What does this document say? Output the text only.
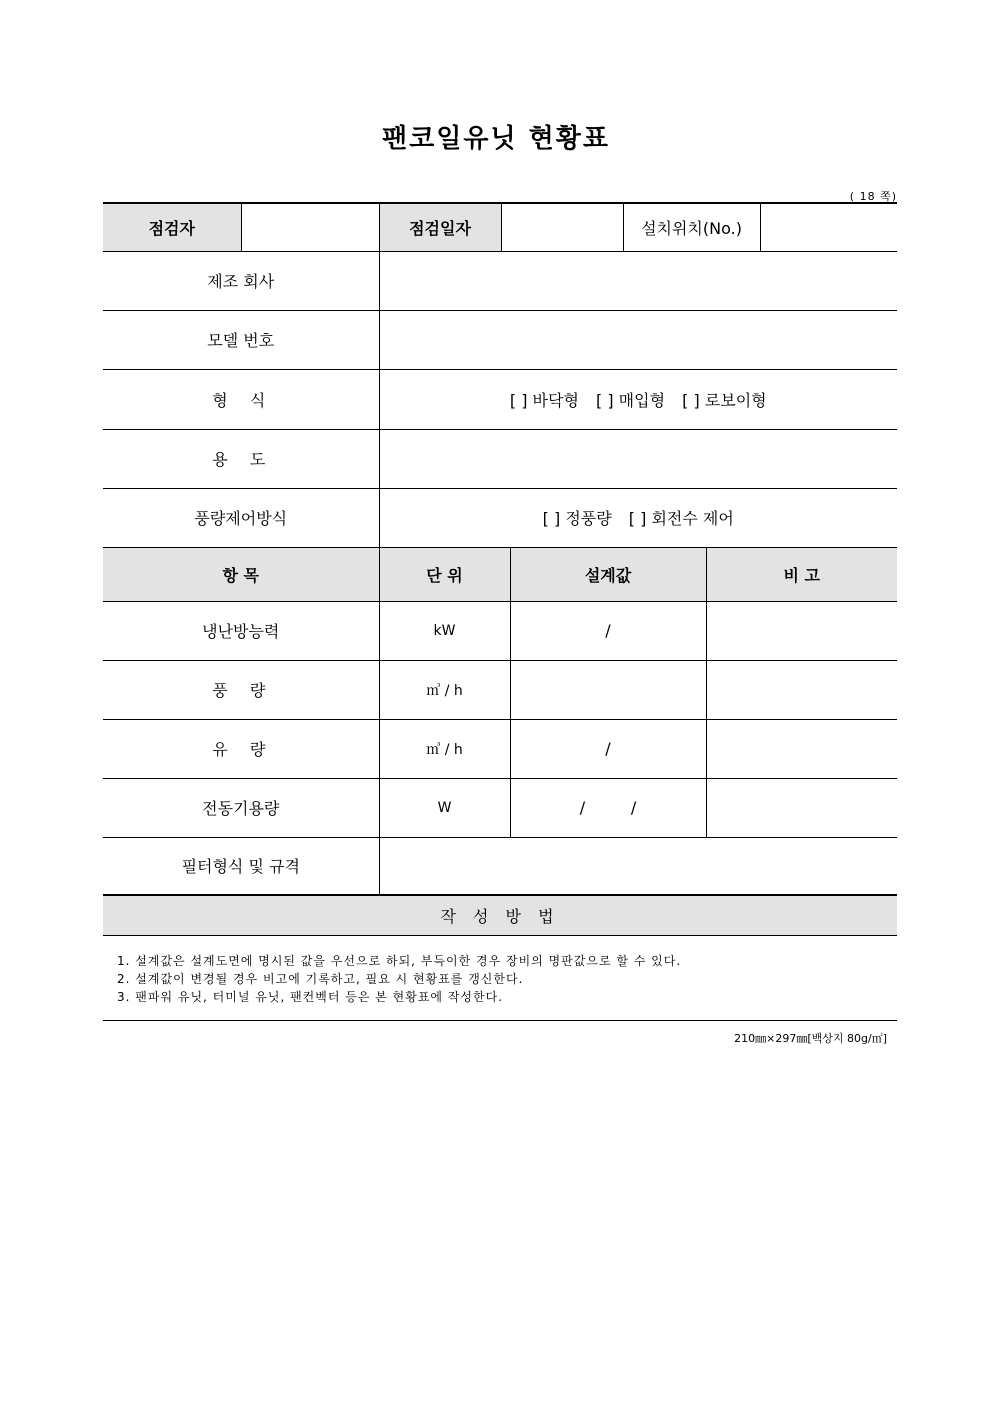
팬코일유닛 현황표
( 18 쪽)
점검자		점검일자		설치위치(No.)	
제조 회사					
모델 번호					
형  식		[ ] 바닥형 [ ] 매입형 [ ] 로보이형			
용  도					
풍량제어방식		[ ] 정풍량 [ ] 회전수 제어			
항 목	단 위	설계값	비 고
냉난방능력	kW	/	
풍  량	㎥ / h		
유  량	㎥ / h	/	
전동기용량	W	/         /	
필터형식 및 규격			
작 성 방 법			
1. 설계값은 설계도면에 명시된 값을 우선으로 하되, 부득이한 경우 장비의 명판값으로 할 수 있다.
2. 설계값이 변경될 경우 비고에 기록하고, 필요 시 현황표를 갱신한다.
3. 팬파워 유닛, 터미널 유닛, 팬컨벡터 등은 본 현황표에 작성한다.
210㎜×297㎜[백상지 80g/㎡]
